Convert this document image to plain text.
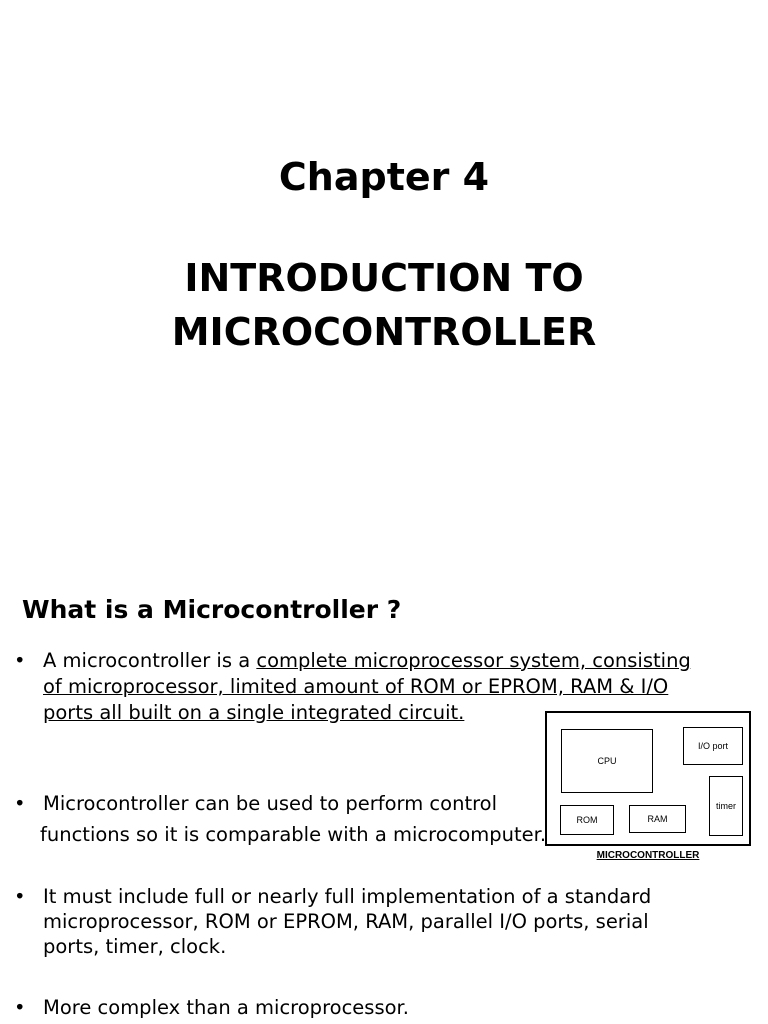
Chapter 4
INTRODUCTION TO
MICROCONTROLLER
What is a Microcontroller ?
• A microcontroller is a complete microprocessor system, consisting
of microprocessor, limited amount of ROM or EPROM, RAM & I/O
ports all built on a single integrated circuit.
• Microcontroller can be used to perform control
functions so it is comparable with a microcomputer.
• It must include full or nearly full implementation of a standard
microprocessor, ROM or EPROM, RAM, parallel I/O ports, serial
ports, timer, clock.
• More complex than a microprocessor.
CPU
I/O port
timer
ROM	RAM
MICROCONTROLLER
